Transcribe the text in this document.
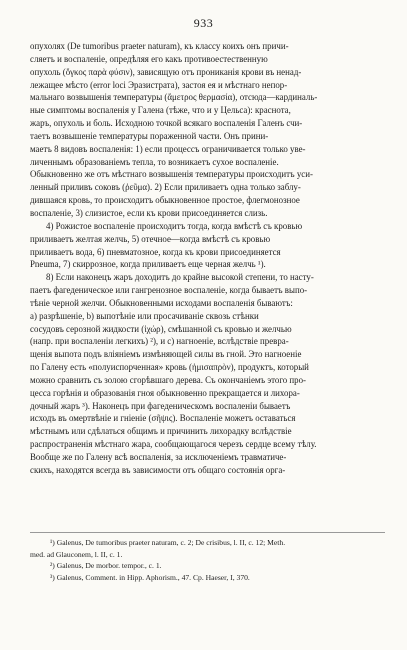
933
опухолях (De tumoribus praeter naturam), къ классу коихъ онъ причи-
сляетъ и воспаленіе, опредѣляя его какъ противоестественную
опухоль (ὄγκος παρὰ φύσιν), зависящую отъ прониканія крови въ ненад-
лежащее мѣсто (error loci Эразистрата), застоя ея и мѣстнаго непор-
мальнаго возвышенія температуры (ἄμετρος θερμασία), отсюда—кардиналь-
ные симптомы воспаленія у Галена (тѣже, что и у Цельса): краснота,
жаръ, опухоль и боль. Исходною точкой всякаго воспаленія Галенъ счи-
таетъ возвышеніе температуры пораженной части. Онъ прини-
маетъ 8 видовъ воспаленія: 1) если процессъ ограничивается только уве-
личеннымъ образованіемъ тепла, то возникаетъ сухое воспаленіе.
Обыкновенно же отъ мѣстнаго возвышенія температуры происходитъ уси-
ленный приливъ соковъ (ῥεῦμα). 2) Если приливаетъ одна только заблу-
дившаяся кровь, то происходитъ обыкновенное простое, флегмонозное
воспаленіе, 3) слизистое, если къ крови присоединяется слизь.
4) Рожистое воспаленіе происходитъ тогда, когда вмѣстѣ съ кровью
приливаетъ желтая желчь, 5) отечное—когда вмѣстѣ съ кровью
приливаетъ вода, 6) пневматозное, когда къ крови присоединяется
Pneuma, 7) скиррозное, когда приливаетъ еще черная желчь ¹).
8) Если наконецъ жаръ доходитъ до крайне высокой степени, то насту-
паетъ фагеденическое или гангренозное воспаленіе, когда бываетъ выпо-
тѣніе черной желчи. Обыкновенными исходами воспаленія бываютъ:
а) разрѣшеніе, b) выпотѣніе или просачиваніе сквозь стѣнки
сосудовъ серозной жидкости (ἰχώρ), смѣшанной съ кровью и желчью
(напр. при воспаленіи легкихъ) ²), и c) нагноеніе, вслѣдствіе превра-
щенія выпота подъ вліяніемъ измѣняющей силы въ гной. Это нагноеніе
по Галену есть «полуиспорченная» кровь (ἡμισαπρὸν), продуктъ, который
можно сравнить съ золою сгорѣвшаго дерева. Съ окончаніемъ этого про-
цесса горѣнія и образованія гноя обыкновенно прекращается и лихора-
дочный жаръ ³). Наконецъ при фагеденическомъ воспаленіи бываетъ
исходъ въ омертвѣніе и гніеніе (σῆψις). Воспаленіе можетъ оставаться
мѣстнымъ или сдѣлаться общимъ и причинить лихорадку вслѣдствіе
распространенія мѣстнаго жара, сообщающагося черезъ сердце всему тѣлу.
Вообще же по Галену всѣ воспаленія, за исключеніемъ травматиче-
скихъ, находятся всегда въ зависимости отъ общаго состоянія орга-
¹) Galenus, De tumoribus praeter naturam, c. 2; De crisibus, l. II, c. 12; Meth.
med. ad Glauconem, l. II, c. 1.
²) Galenus, De morbor. tempor., c. 1.
³) Galenus, Comment. in Hipp. Aphorism., 47. Ср. Haeser, I, 370.
